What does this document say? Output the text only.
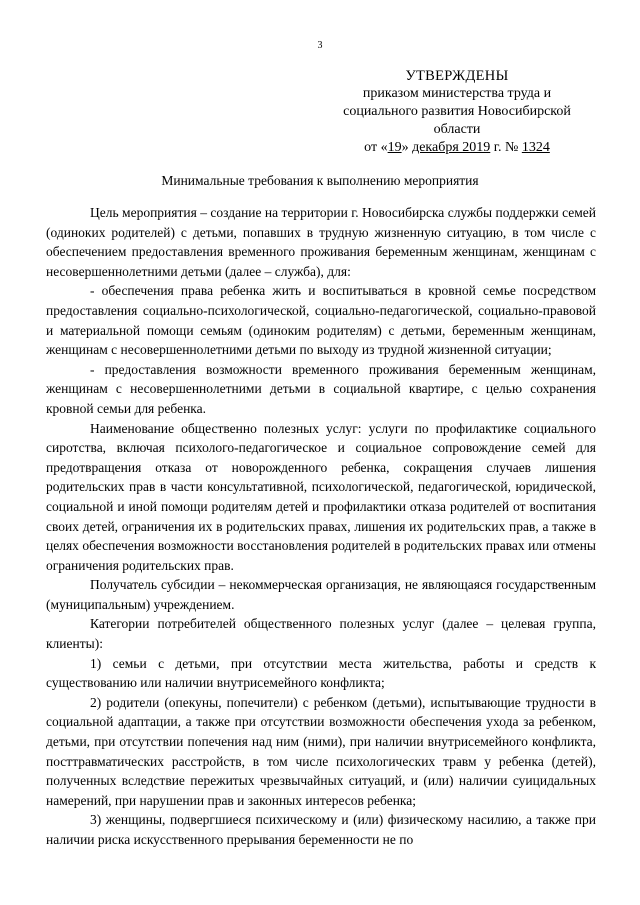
3
УТВЕРЖДЕНЫ
приказом министерства труда и
социального развития Новосибирской
области
от «19» декабря 2019 г. № 1324
Минимальные требования к выполнению мероприятия

Цель мероприятия – создание на территории г. Новосибирска службы поддержки семей (одиноких родителей) с детьми, попавших в трудную жизненную ситуацию, в том числе с обеспечением предоставления временного проживания беременным женщинам, женщинам с несовершеннолетними детьми (далее – служба), для:

- обеспечения права ребенка жить и воспитываться в кровной семье посредством предоставления социально-психологической, социально-педагогической, социально-правовой и материальной помощи семьям (одиноким родителям) с детьми, беременным женщинам, женщинам с несовершеннолетними детьми по выходу из трудной жизненной ситуации;

- предоставления возможности временного проживания беременным женщинам, женщинам с несовершеннолетними детьми в социальной квартире, с целью сохранения кровной семьи для ребенка.

Наименование общественно полезных услуг: услуги по профилактике социального сиротства, включая психолого-педагогическое и социальное сопровождение семей для предотвращения отказа от новорожденного ребенка, сокращения случаев лишения родительских прав в части консультативной, психологической, педагогической, юридической, социальной и иной помощи родителям детей и профилактики отказа родителей от воспитания своих детей, ограничения их в родительских правах, лишения их родительских прав, а также в целях обеспечения возможности восстановления родителей в родительских правах или отмены ограничения родительских прав.

Получатель субсидии – некоммерческая организация, не являющаяся государственным (муниципальным) учреждением.

Категории потребителей общественного полезных услуг (далее – целевая группа, клиенты):

1) семьи с детьми, при отсутствии места жительства, работы и средств к существованию или наличии внутрисемейного конфликта;

2) родители (опекуны, попечители) с ребенком (детьми), испытывающие трудности в социальной адаптации, а также при отсутствии возможности обеспечения ухода за ребенком, детьми, при отсутствии попечения над ним (ними), при наличии внутрисемейного конфликта, посттравматических расстройств, в том числе психологических травм у ребенка (детей), полученных вследствие пережитых чрезвычайных ситуаций, и (или) наличии суицидальных намерений, при нарушении прав и законных интересов ребенка;

3) женщины, подвергшиеся психическому и (или) физическому насилию, а также при наличии риска искусственного прерывания беременности не по
